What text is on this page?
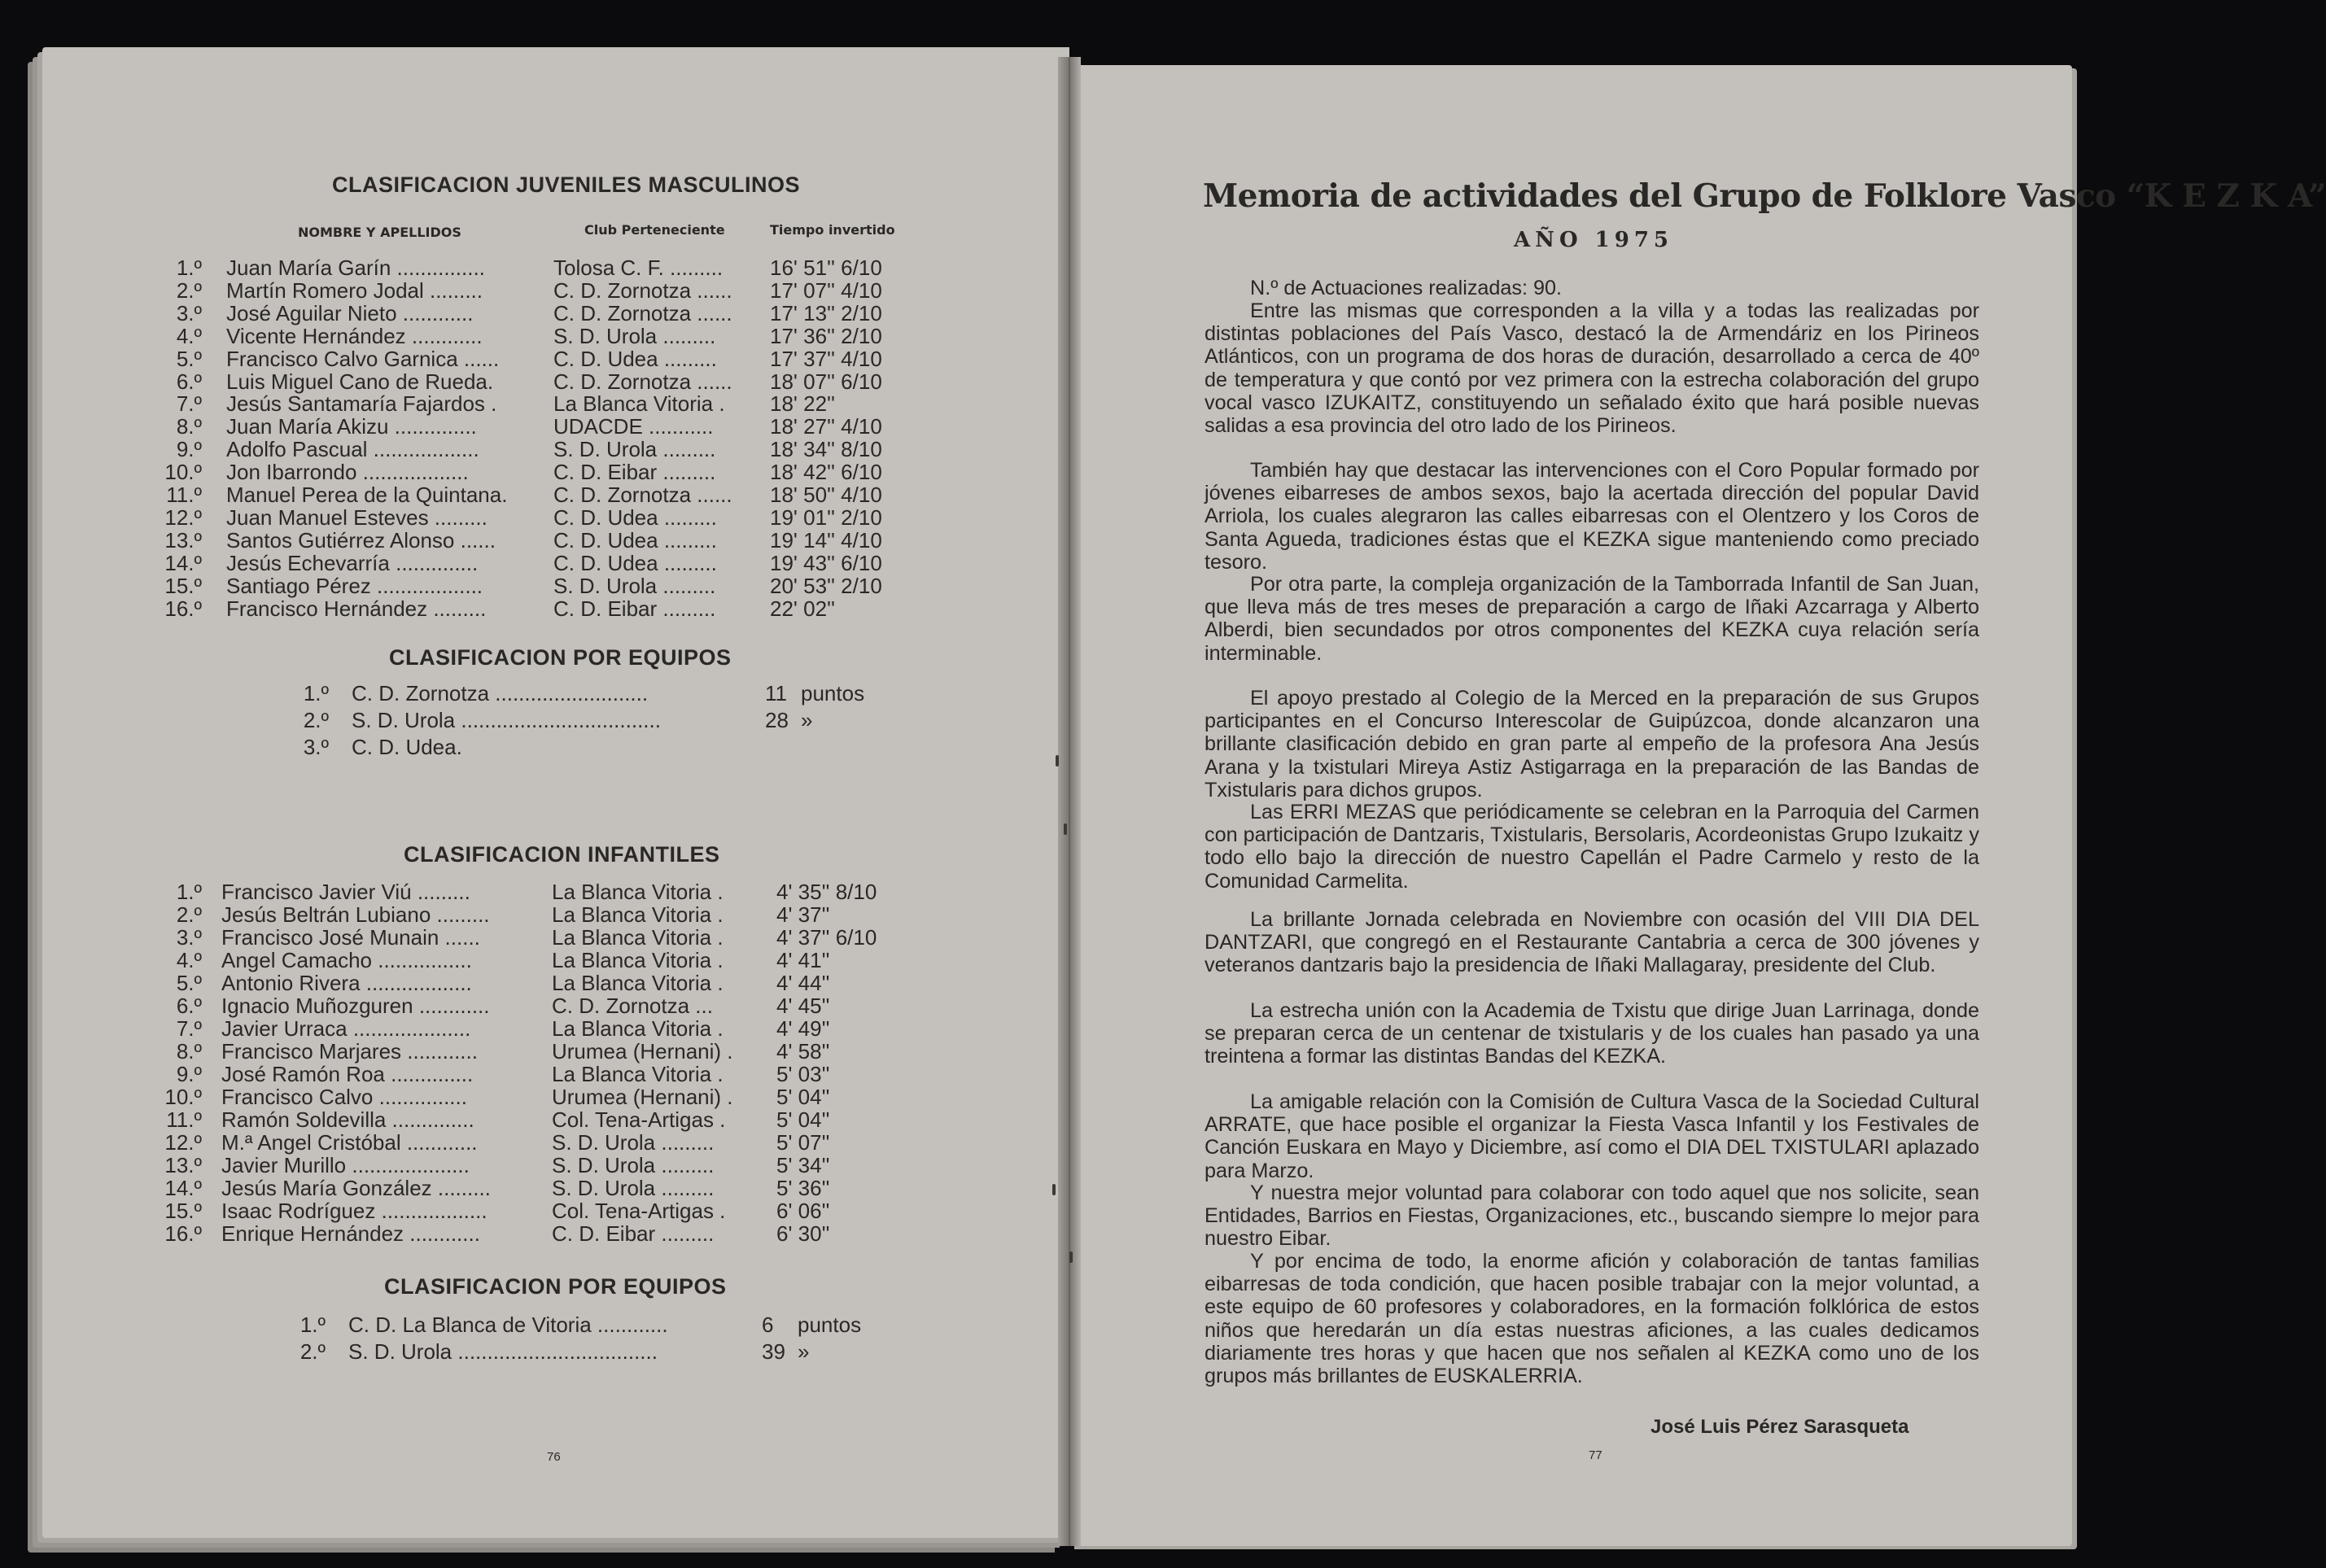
CLASIFICACION JUVENILES MASCULINOS
NOMBRE Y APELLIDOS	Club Perteneciente	Tiempo invertido
1.º Juan María Garín ...............	Tolosa C. F. ......... 16' 51'' 6/10
2.º Martín Romero Jodal .........	C. D. Zornotza ...... 17' 07'' 4/10
3.º José Aguilar Nieto ............	C. D. Zornotza ...... 17' 13'' 2/10
4.º Vicente Hernández ............	S. D. Urola .........	17' 36'' 2/10
5.º Francisco Calvo Garnica ......	C. D. Udea .........	17' 37'' 4/10
6.º Luis Miguel Cano de Rueda.	C. D. Zornotza ...... 18' 07'' 6/10
7.º Jesús Santamaría Fajardos .	La Blanca Vitoria . 18' 22''
8.º Juan María Akizu ..............	UDACDE ...........	18' 27'' 4/10
9.º Adolfo Pascual ..................	S. D. Urola .........	18' 34'' 8/10
10.º Jon Ibarrondo ..................	C. D. Eibar .........	18' 42'' 6/10
11.º Manuel Perea de la Quintana. C. D. Zornotza ...... 18' 50'' 4/10
12.º Juan Manuel Esteves .........	C. D. Udea .........	19' 01'' 2/10
13.º Santos Gutiérrez Alonso ......	C. D. Udea .........	19' 14'' 4/10
14.º Jesús Echevarría ..............	C. D. Udea .........	19' 43'' 6/10
15.º Santiago Pérez ..................	S. D. Urola .........	20' 53'' 2/10
16.º Francisco Hernández .........	C. D. Eibar .........	22' 02''
CLASIFICACION POR EQUIPOS
1.º C. D. Zornotza ..........................	11 puntos
2.º S. D. Urola ..................................	28 »
3.º C. D. Udea.
CLASIFICACION INFANTILES
1.º Francisco Javier Viú .........	La Blanca Vitoria .	4' 35'' 8/10
2.º Jesús Beltrán Lubiano .........	La Blanca Vitoria .	4' 37''
3.º Francisco José Munain ......	La Blanca Vitoria .	4' 37'' 6/10
4.º Angel Camacho ................	La Blanca Vitoria .	4' 41''
5.º Antonio Rivera ..................	La Blanca Vitoria .	4' 44''
6.º Ignacio Muñozguren ............	C. D. Zornotza ...	4' 45''
7.º Javier Urraca ....................	La Blanca Vitoria .	4' 49''
8.º Francisco Marjares ............	Urumea (Hernani) . 4' 58''
9.º José Ramón Roa ..............	La Blanca Vitoria .	5' 03''
10.º Francisco Calvo ...............	Urumea (Hernani) . 5' 04''
11.º Ramón Soldevilla ..............	Col. Tena-Artigas . 5' 04''
12.º M.ª Angel Cristóbal ............	S. D. Urola .........	5' 07''
13.º Javier Murillo ....................	S. D. Urola .........	5' 34''
14.º Jesús María González .........	S. D. Urola .........	5' 36''
15.º Isaac Rodríguez ..................	Col. Tena-Artigas . 6' 06''
16.º Enrique Hernández ............	C. D. Eibar .........	6' 30''
CLASIFICACION POR EQUIPOS
1.º C. D. La Blanca de Vitoria ............	6 puntos
2.º S. D. Urola ..................................	39 »
76
Memoria de actividades del Grupo de Folklore Vasco “K E Z K A”
AÑO 1975
N.º de Actuaciones realizadas: 90.
Entre las mismas que corresponden a la villa y a todas las realizadas por distintas poblaciones del País Vasco, destacó la de Armendáriz en los Pirineos Atlánticos, con un programa de dos horas de duración, desarrollado a cerca de 40º de temperatura y que contó por vez primera con la estrecha colaboración del grupo vocal vasco IZUKAITZ, constituyendo un señalado éxito que hará posible nuevas salidas a esa provincia del otro lado de los Pirineos.
También hay que destacar las intervenciones con el Coro Popular formado por jóvenes eibarreses de ambos sexos, bajo la acertada dirección del popular David Arriola, los cuales alegraron las calles eibarresas con el Olentzero y los Coros de Santa Agueda, tradiciones éstas que el KEZKA sigue manteniendo como preciado tesoro.
Por otra parte, la compleja organización de la Tamborrada Infantil de San Juan, que lleva más de tres meses de preparación a cargo de Iñaki Azcarraga y Alberto Alberdi, bien secundados por otros componentes del KEZKA cuya relación sería interminable.
El apoyo prestado al Colegio de la Merced en la preparación de sus Grupos participantes en el Concurso Interescolar de Guipúzcoa, donde alcanzaron una brillante clasificación debido en gran parte al empeño de la profesora Ana Jesús Arana y la txistulari Mireya Astiz Astigarraga en la preparación de las Bandas de Txistularis para dichos grupos.
Las ERRI MEZAS que periódicamente se celebran en la Parroquia del Carmen con participación de Dantzaris, Txistularis, Bersolaris, Acordeonistas Grupo Izukaitz y todo ello bajo la dirección de nuestro Capellán el Padre Carmelo y resto de la Comunidad Carmelita.
La brillante Jornada celebrada en Noviembre con ocasión del VIII DIA DEL DANTZARI, que congregó en el Restaurante Cantabria a cerca de 300 jóvenes y veteranos dantzaris bajo la presidencia de Iñaki Mallagaray, presidente del Club.
La estrecha unión con la Academia de Txistu que dirige Juan Larrinaga, donde se preparan cerca de un centenar de txistularis y de los cuales han pasado ya una treintena a formar las distintas Bandas del KEZKA.
La amigable relación con la Comisión de Cultura Vasca de la Sociedad Cultural ARRATE, que hace posible el organizar la Fiesta Vasca Infantil y los Festivales de Canción Euskara en Mayo y Diciembre, así como el DIA DEL TXISTULARI aplazado para Marzo.
Y nuestra mejor voluntad para colaborar con todo aquel que nos solicite, sean Entidades, Barrios en Fiestas, Organizaciones, etc., buscando siempre lo mejor para nuestro Eibar.
Y por encima de todo, la enorme afición y colaboración de tantas familias eibarresas de toda condición, que hacen posible trabajar con la mejor voluntad, a este equipo de 60 profesores y colaboradores, en la formación folklórica de estos niños que heredarán un día estas nuestras aficiones, a las cuales dedicamos diariamente tres horas y que hacen que nos señalen al KEZKA como uno de los grupos más brillantes de EUSKALERRIA.
José Luis Pérez Sarasqueta
77
